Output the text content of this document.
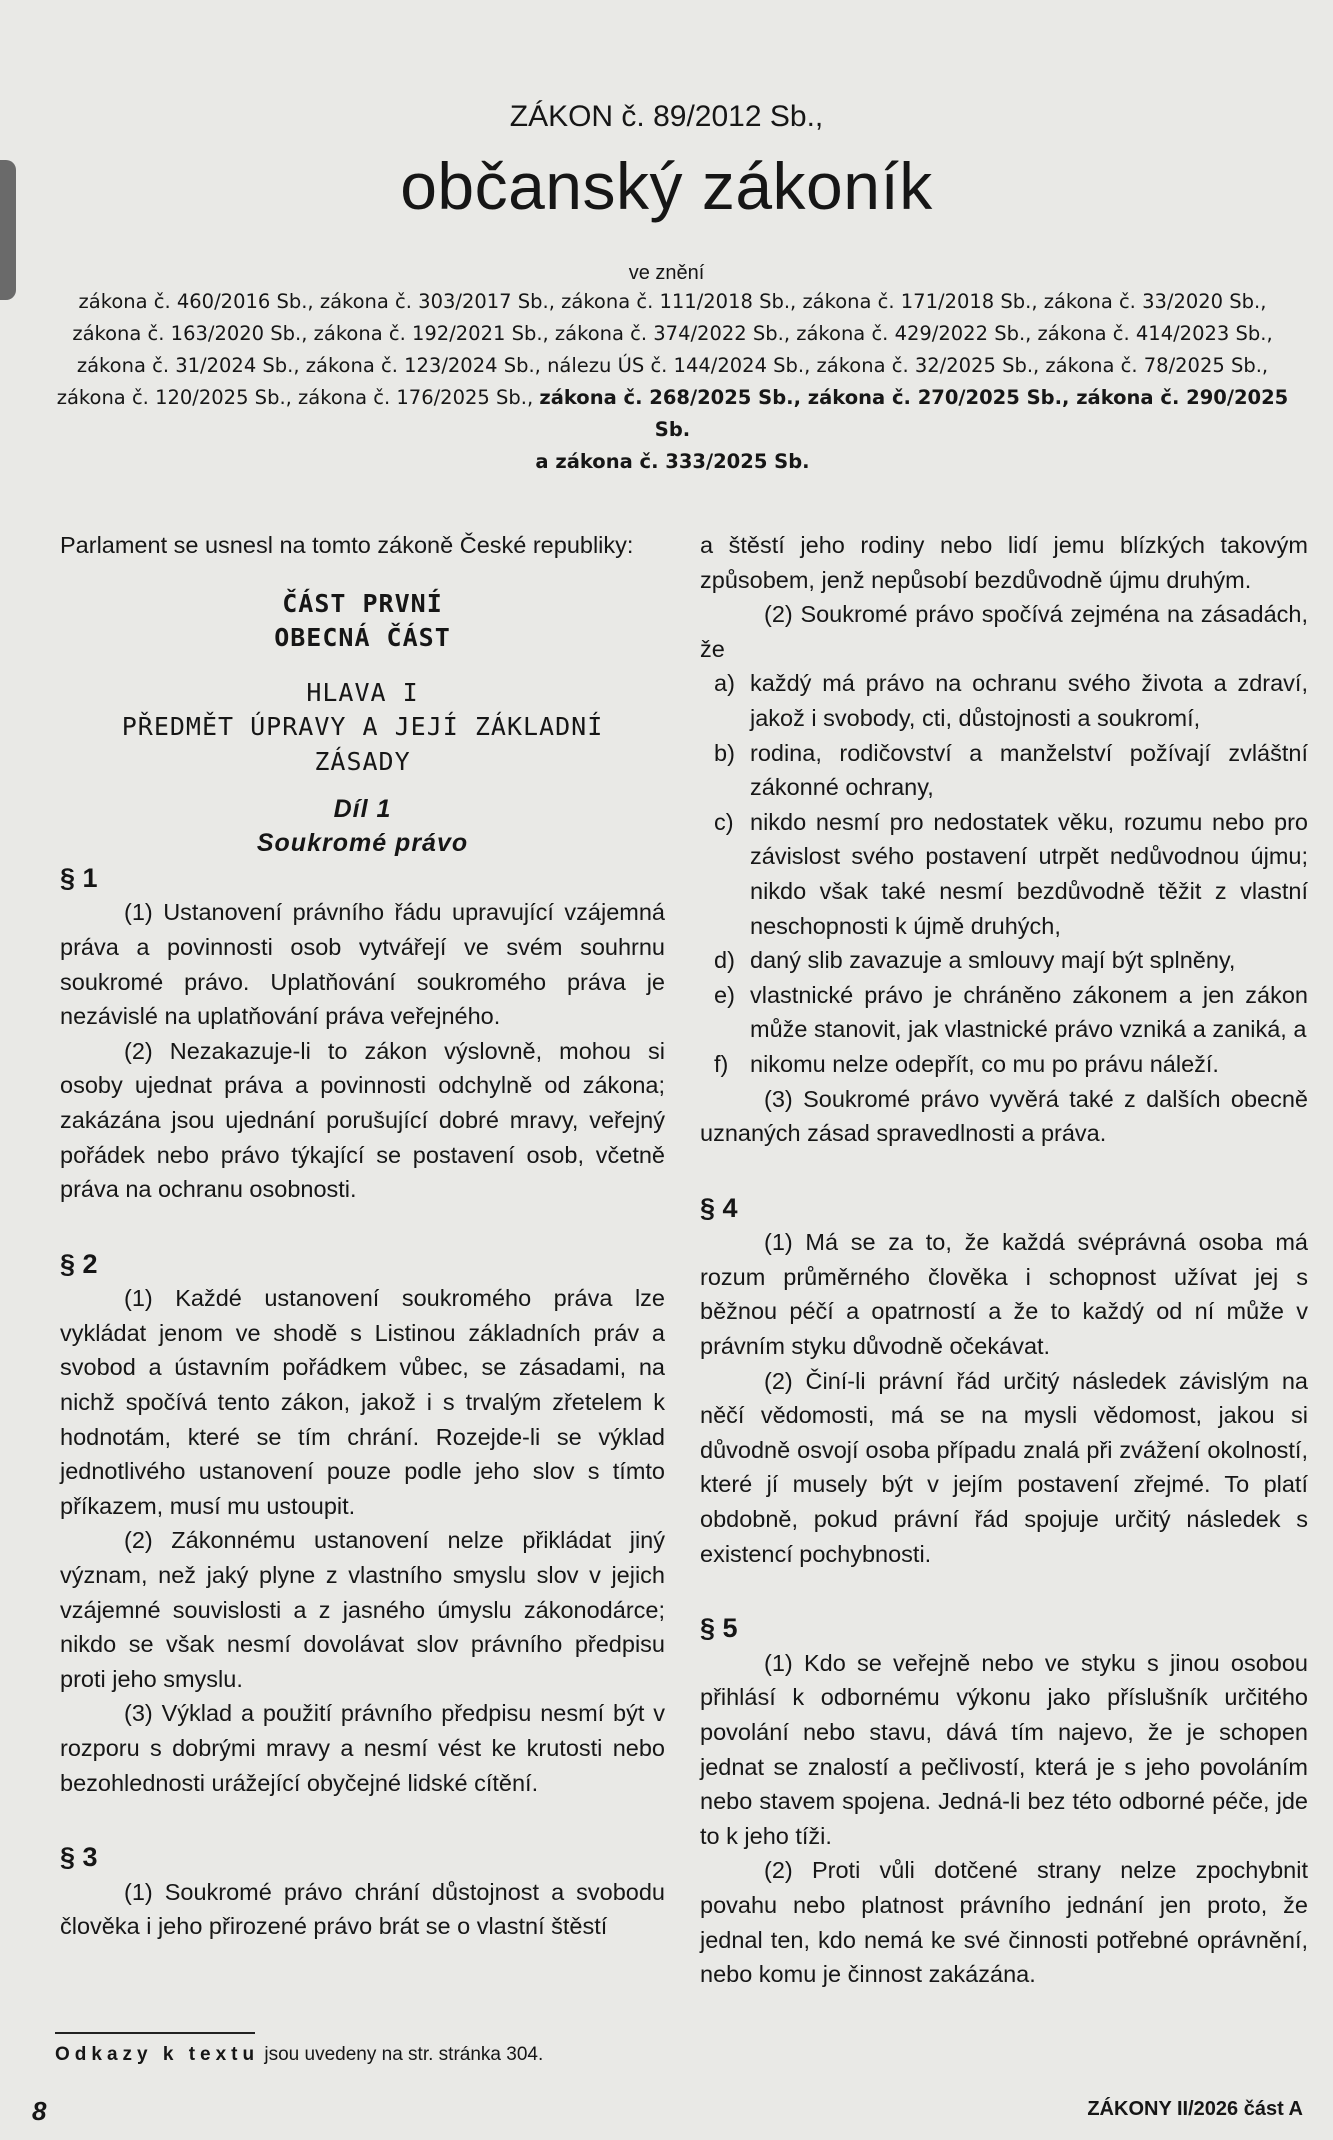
ZÁKON č. 89/2012 Sb.,
občanský zákoník
ve znění
zákona č. 460/2016 Sb., zákona č. 303/2017 Sb., zákona č. 111/2018 Sb., zákona č. 171/2018 Sb., zákona č. 33/2020 Sb.,
zákona č. 163/2020 Sb., zákona č. 192/2021 Sb., zákona č. 374/2022 Sb., zákona č. 429/2022 Sb., zákona č. 414/2023 Sb.,
zákona č. 31/2024 Sb., zákona č. 123/2024 Sb., nálezu ÚS č. 144/2024 Sb., zákona č. 32/2025 Sb., zákona č. 78/2025 Sb.,
zákona č. 120/2025 Sb., zákona č. 176/2025 Sb., zákona č. 268/2025 Sb., zákona č. 270/2025 Sb., zákona č. 290/2025 Sb.
a zákona č. 333/2025 Sb.

Parlament se usnesl na tomto zákoně České republiky:

ČÁST PRVNÍ

OBECNÁ ČÁST

HLAVA I

PŘEDMĚT ÚPRAVY A JEJÍ ZÁKLADNÍ

ZÁSADY

Díl 1

Soukromé právo

§ 1

(1) Ustanovení právního řádu upravující vzájemná práva a povinnosti osob vytvářejí ve svém souhrnu soukromé právo. Uplatňování soukromého práva je nezávislé na uplatňování práva veřejného.

(2) Nezakazuje-li to zákon výslovně, mohou si osoby ujednat práva a povinnosti odchylně od zákona; zakázána jsou ujednání porušující dobré mravy, veřejný pořádek nebo právo týkající se postavení osob, včetně práva na ochranu osobnosti.

§ 2

(1) Každé ustanovení soukromého práva lze vykládat jenom ve shodě s Listinou základních práv a svobod a ústavním pořádkem vůbec, se zásadami, na nichž spočívá tento zákon, jakož i s trvalým zřetelem k hodnotám, které se tím chrání. Rozejde-li se výklad jednotlivého ustanovení pouze podle jeho slov s tímto příkazem, musí mu ustoupit.

(2) Zákonnému ustanovení nelze přikládat jiný význam, než jaký plyne z vlastního smyslu slov v jejich vzájemné souvislosti a z jasného úmyslu zákonodárce; nikdo se však nesmí dovolávat slov právního předpisu proti jeho smyslu.

(3) Výklad a použití právního předpisu nesmí být v rozporu s dobrými mravy a nesmí vést ke krutosti nebo bezohlednosti urážející obyčejné lidské cítění.

§ 3

(1) Soukromé právo chrání důstojnost a svobodu člověka i jeho přirozené právo brát se o vlastní štěstí

a štěstí jeho rodiny nebo lidí jemu blízkých takovým způsobem, jenž nepůsobí bezdůvodně újmu druhým.

(2) Soukromé právo spočívá zejména na zásadách, že

a) každý má právo na ochranu svého života a zdraví, jakož i svobody, cti, důstojnosti a soukromí,
b) rodina, rodičovství a manželství požívají zvláštní zákonné ochrany,
c) nikdo nesmí pro nedostatek věku, rozumu nebo pro závislost svého postavení utrpět nedůvodnou újmu; nikdo však také nesmí bezdůvodně těžit z vlastní neschopnosti k újmě druhých,
d) daný slib zavazuje a smlouvy mají být splněny,
e) vlastnické právo je chráněno zákonem a jen zákon může stanovit, jak vlastnické právo vzniká a zaniká, a
f) nikomu nelze odepřít, co mu po právu náleží.

(3) Soukromé právo vyvěrá také z dalších obecně uznaných zásad spravedlnosti a práva.

§ 4

(1) Má se za to, že každá svéprávná osoba má rozum průměrného člověka i schopnost užívat jej s běžnou péčí a opatrností a že to každý od ní může v právním styku důvodně očekávat.

(2) Činí-li právní řád určitý následek závislým na něčí vědomosti, má se na mysli vědomost, jakou si důvodně osvojí osoba případu znalá při zvážení okolností, které jí musely být v jejím postavení zřejmé. To platí obdobně, pokud právní řád spojuje určitý následek s existencí pochybnosti.

§ 5

(1) Kdo se veřejně nebo ve styku s jinou osobou přihlásí k odbornému výkonu jako příslušník určitého povolání nebo stavu, dává tím najevo, že je schopen jednat se znalostí a pečlivostí, která je s jeho povoláním nebo stavem spojena. Jedná-li bez této odborné péče, jde to k jeho tíži.

(2) Proti vůli dotčené strany nelze zpochybnit povahu nebo platnost právního jednání jen proto, že jednal ten, kdo nemá ke své činnosti potřebné oprávnění, nebo komu je činnost zakázána.

Odkazy k textu jsou uvedeny na str. stránka 304.
8	ZÁKONY II/2026 část A
